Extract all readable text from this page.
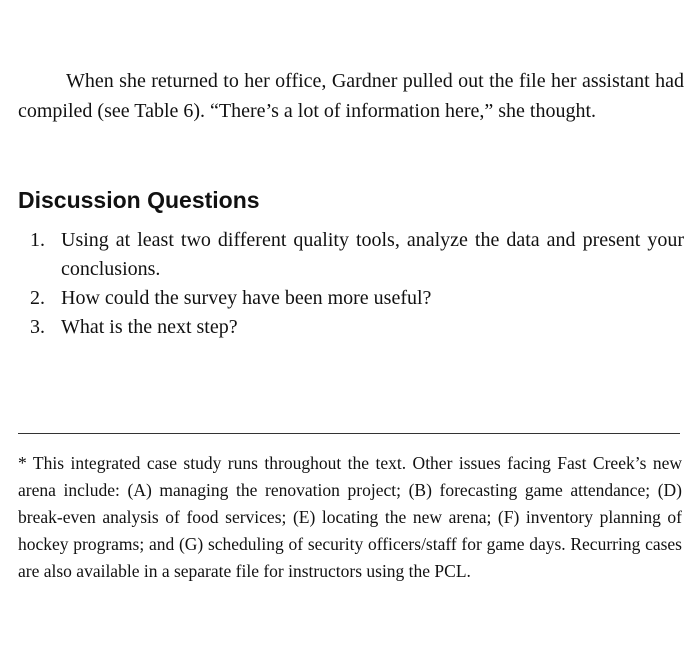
When she returned to her office, Gardner pulled out the file her assistant had compiled (see Table 6). “There’s a lot of information here,” she thought.

Discussion Questions
1. Using at least two different quality tools, analyze the data and present your conclusions.
2. How could the survey have been more useful?
3. What is the next step?

* This integrated case study runs throughout the text. Other issues facing Fast Creek’s new arena include: (A) managing the renovation project; (B) forecasting game attendance; (D) break-even analysis of food services; (E) locating the new arena; (F) inventory planning of hockey programs; and (G) scheduling of security officers/staff for game days. Recurring cases are also available in a separate file for instructors using the PCL.
